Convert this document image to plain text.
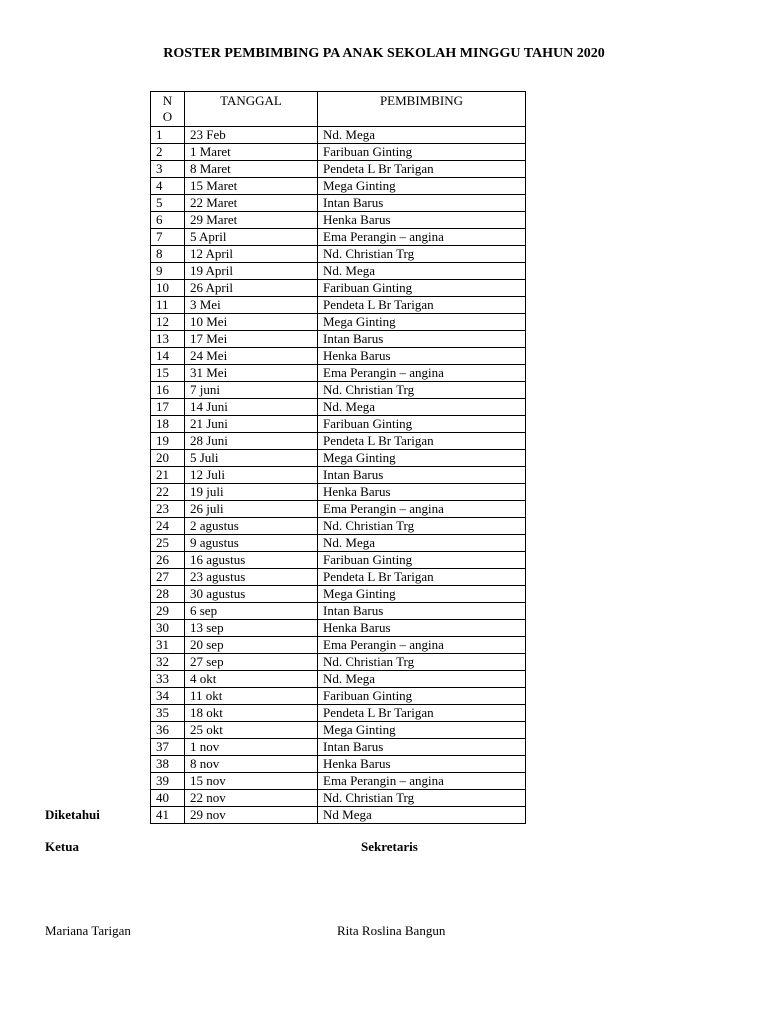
ROSTER PEMBIMBING PA ANAK SEKOLAH MINGGU TAHUN 2020
NO	TANGGAL	PEMBIMBING
1	23 Feb	Nd. Mega
2	1 Maret	Faribuan Ginting
3	8 Maret	Pendeta L Br Tarigan
4	15 Maret	Mega Ginting
5	22 Maret	Intan Barus
6	29 Maret	Henka Barus
7	5 April	Ema Perangin – angina
8	12 April	Nd. Christian Trg
9	19 April	Nd. Mega
10	26 April	Faribuan Ginting
11	3 Mei	Pendeta L Br Tarigan
12	10 Mei	Mega Ginting
13	17 Mei	Intan Barus
14	24 Mei	Henka Barus
15	31 Mei	Ema Perangin – angina
16	7 juni	Nd. Christian Trg
17	14 Juni	Nd. Mega
18	21 Juni	Faribuan Ginting
19	28 Juni	Pendeta L Br Tarigan
20	5 Juli	Mega Ginting
21	12 Juli	Intan Barus
22	19 juli	Henka Barus
23	26 juli	Ema Perangin – angina
24	2 agustus	Nd. Christian Trg
25	9 agustus	Nd. Mega
26	16 agustus	Faribuan Ginting
27	23 agustus	Pendeta L Br Tarigan
28	30 agustus	Mega Ginting
29	6 sep	Intan Barus
30	13 sep	Henka Barus
31	20 sep	Ema Perangin – angina
32	27 sep	Nd. Christian Trg
33	4 okt	Nd. Mega
34	11 okt	Faribuan Ginting
35	18 okt	Pendeta L Br Tarigan
36	25 okt	Mega Ginting
37	1 nov	Intan Barus
38	8 nov	Henka Barus
39	15 nov	Ema Perangin – angina
40	22 nov	Nd. Christian Trg
41	29 nov	Nd Mega
Diketahui
Ketua	Sekretaris
Mariana Tarigan	Rita Roslina Bangun
